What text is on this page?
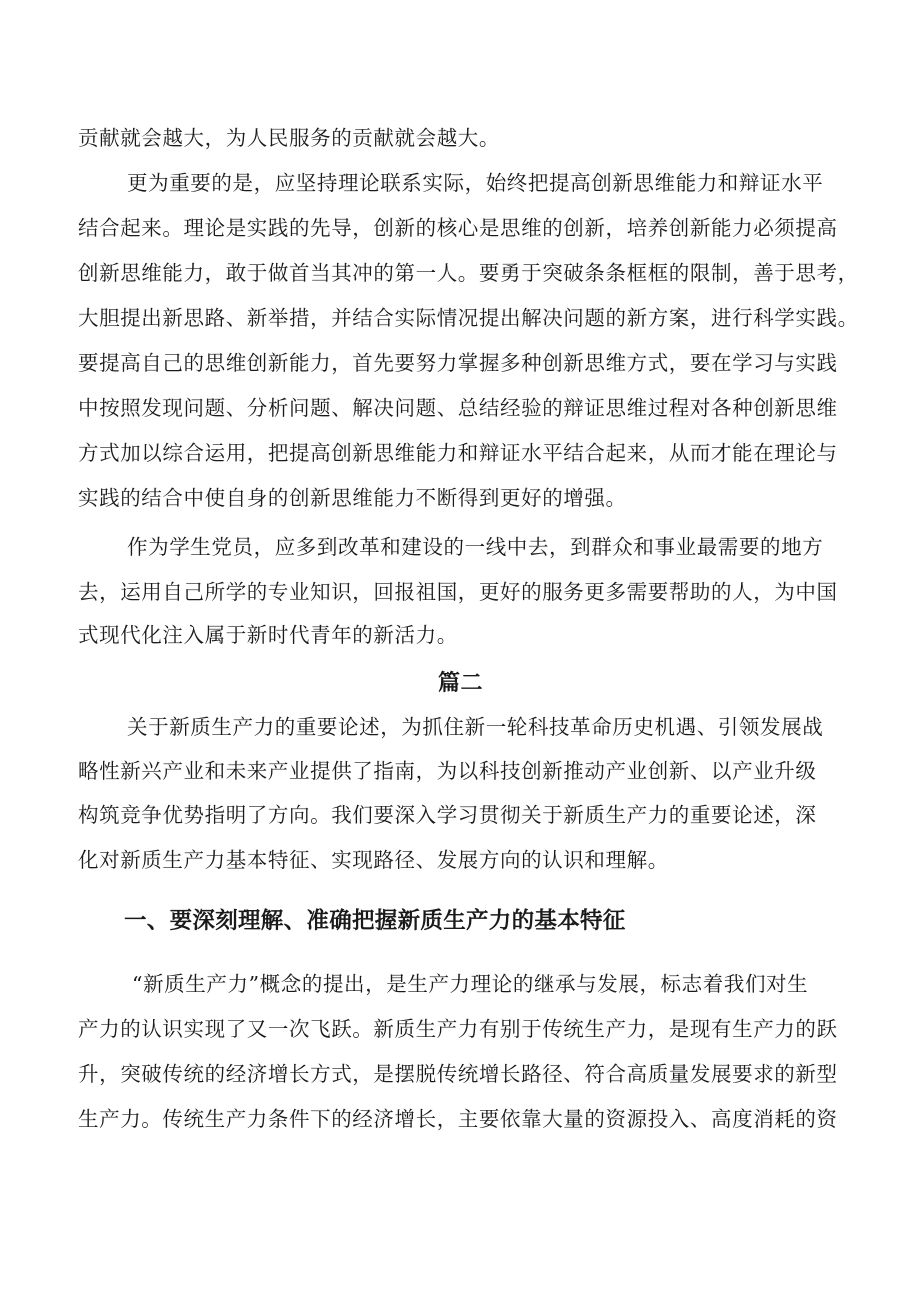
贡献就会越大，为人民服务的贡献就会越大。
更为重要的是，应坚持理论联系实际，始终把提高创新思维能力和辩证水平
结合起来。理论是实践的先导，创新的核心是思维的创新，培养创新能力必须提高
创新思维能力，敢于做首当其冲的第一人。要勇于突破条条框框的限制，善于思考，
大胆提出新思路、新举措，并结合实际情况提出解决问题的新方案，进行科学实践。
要提高自己的思维创新能力，首先要努力掌握多种创新思维方式，要在学习与实践
中按照发现问题、分析问题、解决问题、总结经验的辩证思维过程对各种创新思维
方式加以综合运用，把提高创新思维能力和辩证水平结合起来，从而才能在理论与
实践的结合中使自身的创新思维能力不断得到更好的增强。
作为学生党员，应多到改革和建设的一线中去，到群众和事业最需要的地方
去，运用自己所学的专业知识，回报祖国，更好的服务更多需要帮助的人，为中国
式现代化注入属于新时代青年的新活力。
篇二
关于新质生产力的重要论述，为抓住新一轮科技革命历史机遇、引领发展战
略性新兴产业和未来产业提供了指南，为以科技创新推动产业创新、以产业升级
构筑竞争优势指明了方向。我们要深入学习贯彻关于新质生产力的重要论述，深
化对新质生产力基本特征、实现路径、发展方向的认识和理解。
一、要深刻理解、准确把握新质生产力的基本特征
“新质生产力”概念的提出，是生产力理论的继承与发展，标志着我们对生
产力的认识实现了又一次飞跃。新质生产力有别于传统生产力，是现有生产力的跃
升，突破传统的经济增长方式，是摆脱传统增长路径、符合高质量发展要求的新型
生产力。传统生产力条件下的经济增长，主要依靠大量的资源投入、高度消耗的资
